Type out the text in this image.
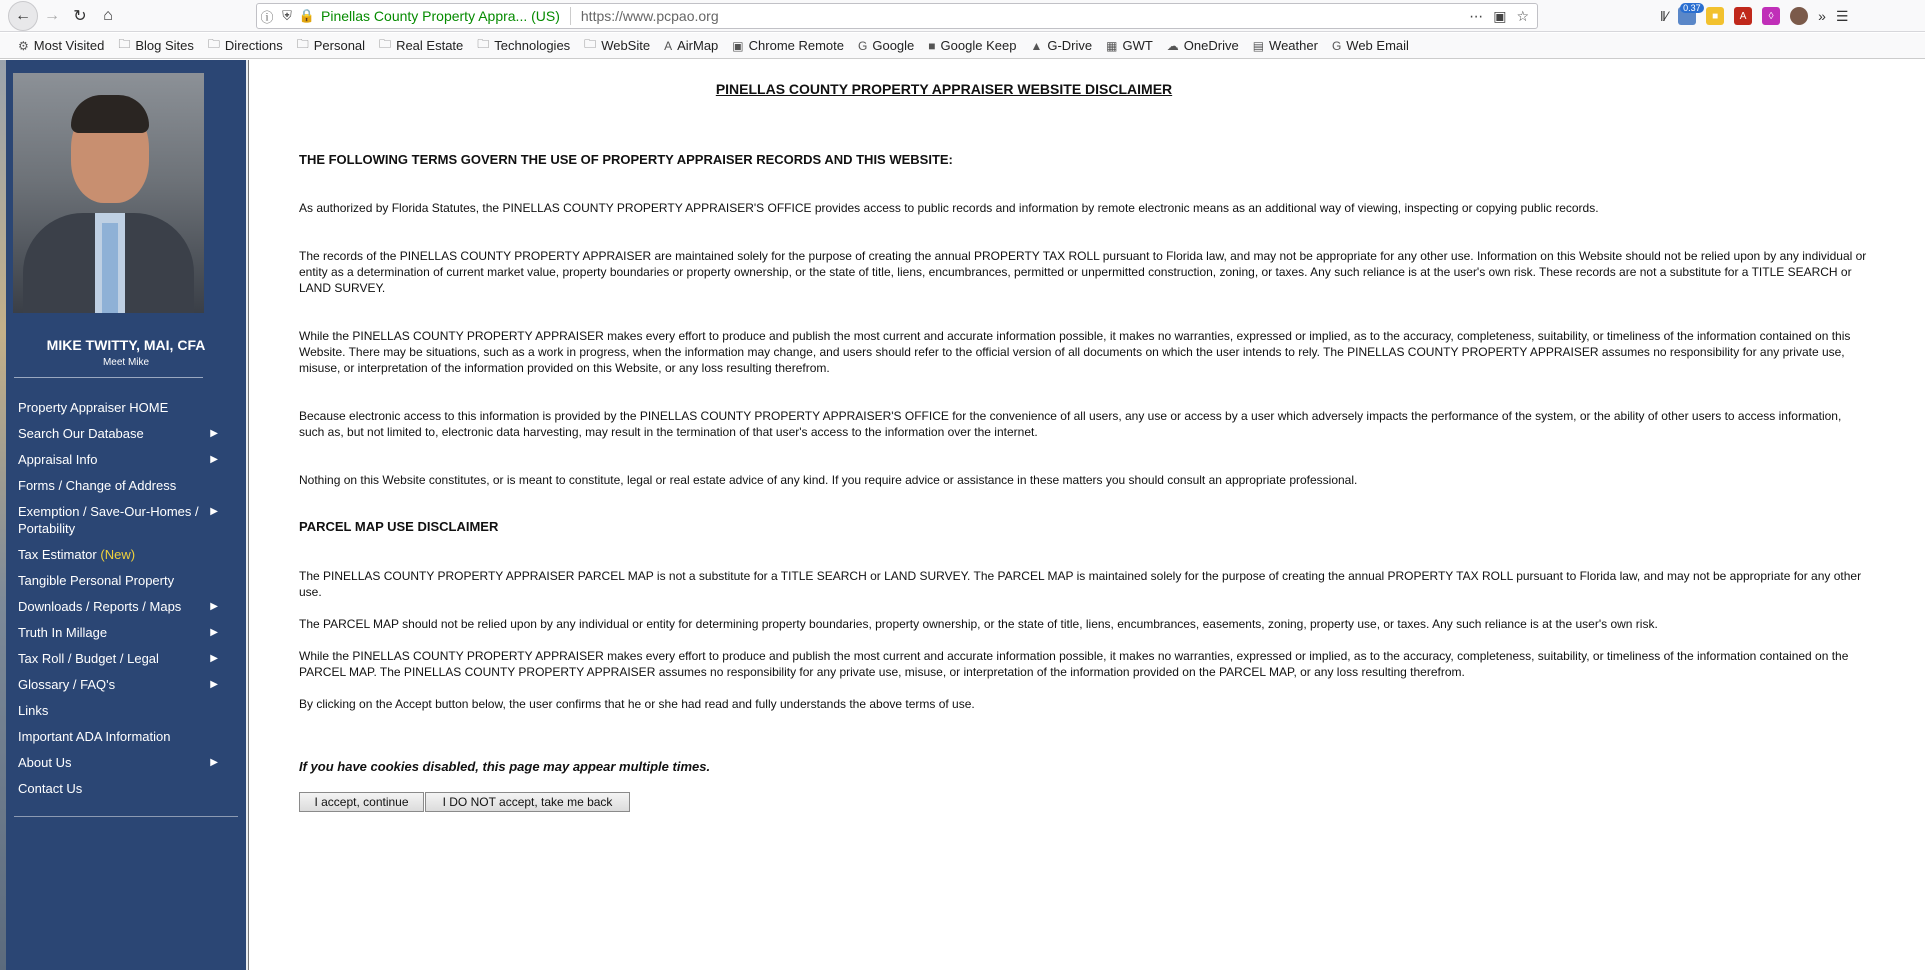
← → ↻ ⌂	ⓘ ⛨ 🔒 Pinellas County Property Appra... (US) https://www.pcpao.org	⋯ ▣ ☆	‖⁄	0.37
■	A	◊	» ☰
⚙ Most Visited 🗀 Blog Sites 🗀 Directions 🗀 Personal 🗀 Real Estate 🗀 Technologies 🗀 WebSite A AirMap ▣ Chrome Remote G Google ■ Google Keep ▲ G-Drive ▦ GWT ☁ OneDrive ▤ Weather G Web Email
MIKE TWITTY, MAI, CFA
Meet Mike
Property Appraiser HOME
Search Our Database	▶
Appraisal Info	▶
Forms / Change of Address
Exemption / Save-Our-Homes / Portability
▶
Tax Estimator (New)
Tangible Personal Property
Downloads / Reports / Maps	▶
Truth In Millage	▶
Tax Roll / Budget / Legal	▶
Glossary / FAQ's	▶
Links
Important ADA Information
About Us	▶
Contact Us
PINELLAS COUNTY PROPERTY APPRAISER WEBSITE DISCLAIMER
THE FOLLOWING TERMS GOVERN THE USE OF PROPERTY APPRAISER RECORDS AND THIS WEBSITE:
As authorized by Florida Statutes, the PINELLAS COUNTY PROPERTY APPRAISER'S OFFICE provides access to public records and information by remote electronic means as an additional way of viewing, inspecting or copying public records.
The records of the PINELLAS COUNTY PROPERTY APPRAISER are maintained solely for the purpose of creating the annual PROPERTY TAX ROLL pursuant to Florida law, and may not be appropriate for any other use. Information on this Website should not be relied upon by any individual or entity as a determination of current market value, property boundaries or property ownership, or the state of title, liens, encumbrances, permitted or unpermitted construction, zoning, or taxes. Any such reliance is at the user's own risk. These records are not a substitute for a TITLE SEARCH or LAND SURVEY.
While the PINELLAS COUNTY PROPERTY APPRAISER makes every effort to produce and publish the most current and accurate information possible, it makes no warranties, expressed or implied, as to the accuracy, completeness, suitability, or timeliness of the information contained on this Website. There may be situations, such as a work in progress, when the information may change, and users should refer to the official version of all documents on which the user intends to rely. The PINELLAS COUNTY PROPERTY APPRAISER assumes no responsibility for any private use, misuse, or interpretation of the information provided on this Website, or any loss resulting therefrom.
Because electronic access to this information is provided by the PINELLAS COUNTY PROPERTY APPRAISER'S OFFICE for the convenience of all users, any use or access by a user which adversely impacts the performance of the system, or the ability of other users to access information, such as, but not limited to, electronic data harvesting, may result in the termination of that user's access to the information over the internet.
Nothing on this Website constitutes, or is meant to constitute, legal or real estate advice of any kind. If you require advice or assistance in these matters you should consult an appropriate professional.
PARCEL MAP USE DISCLAIMER
The PINELLAS COUNTY PROPERTY APPRAISER PARCEL MAP is not a substitute for a TITLE SEARCH or LAND SURVEY. The PARCEL MAP is maintained solely for the purpose of creating the annual PROPERTY TAX ROLL pursuant to Florida law, and may not be appropriate for any other use.
The PARCEL MAP should not be relied upon by any individual or entity for determining property boundaries, property ownership, or the state of title, liens, encumbrances, easements, zoning, property use, or taxes. Any such reliance is at the user's own risk.
While the PINELLAS COUNTY PROPERTY APPRAISER makes every effort to produce and publish the most current and accurate information possible, it makes no warranties, expressed or implied, as to the accuracy, completeness, suitability, or timeliness of the information contained on the PARCEL MAP. The PINELLAS COUNTY PROPERTY APPRAISER assumes no responsibility for any private use, misuse, or interpretation of the information provided on the PARCEL MAP, or any loss resulting therefrom.
By clicking on the Accept button below, the user confirms that he or she had read and fully understands the above terms of use.
If you have cookies disabled, this page may appear multiple times.
I accept, continue	I DO NOT accept, take me back
